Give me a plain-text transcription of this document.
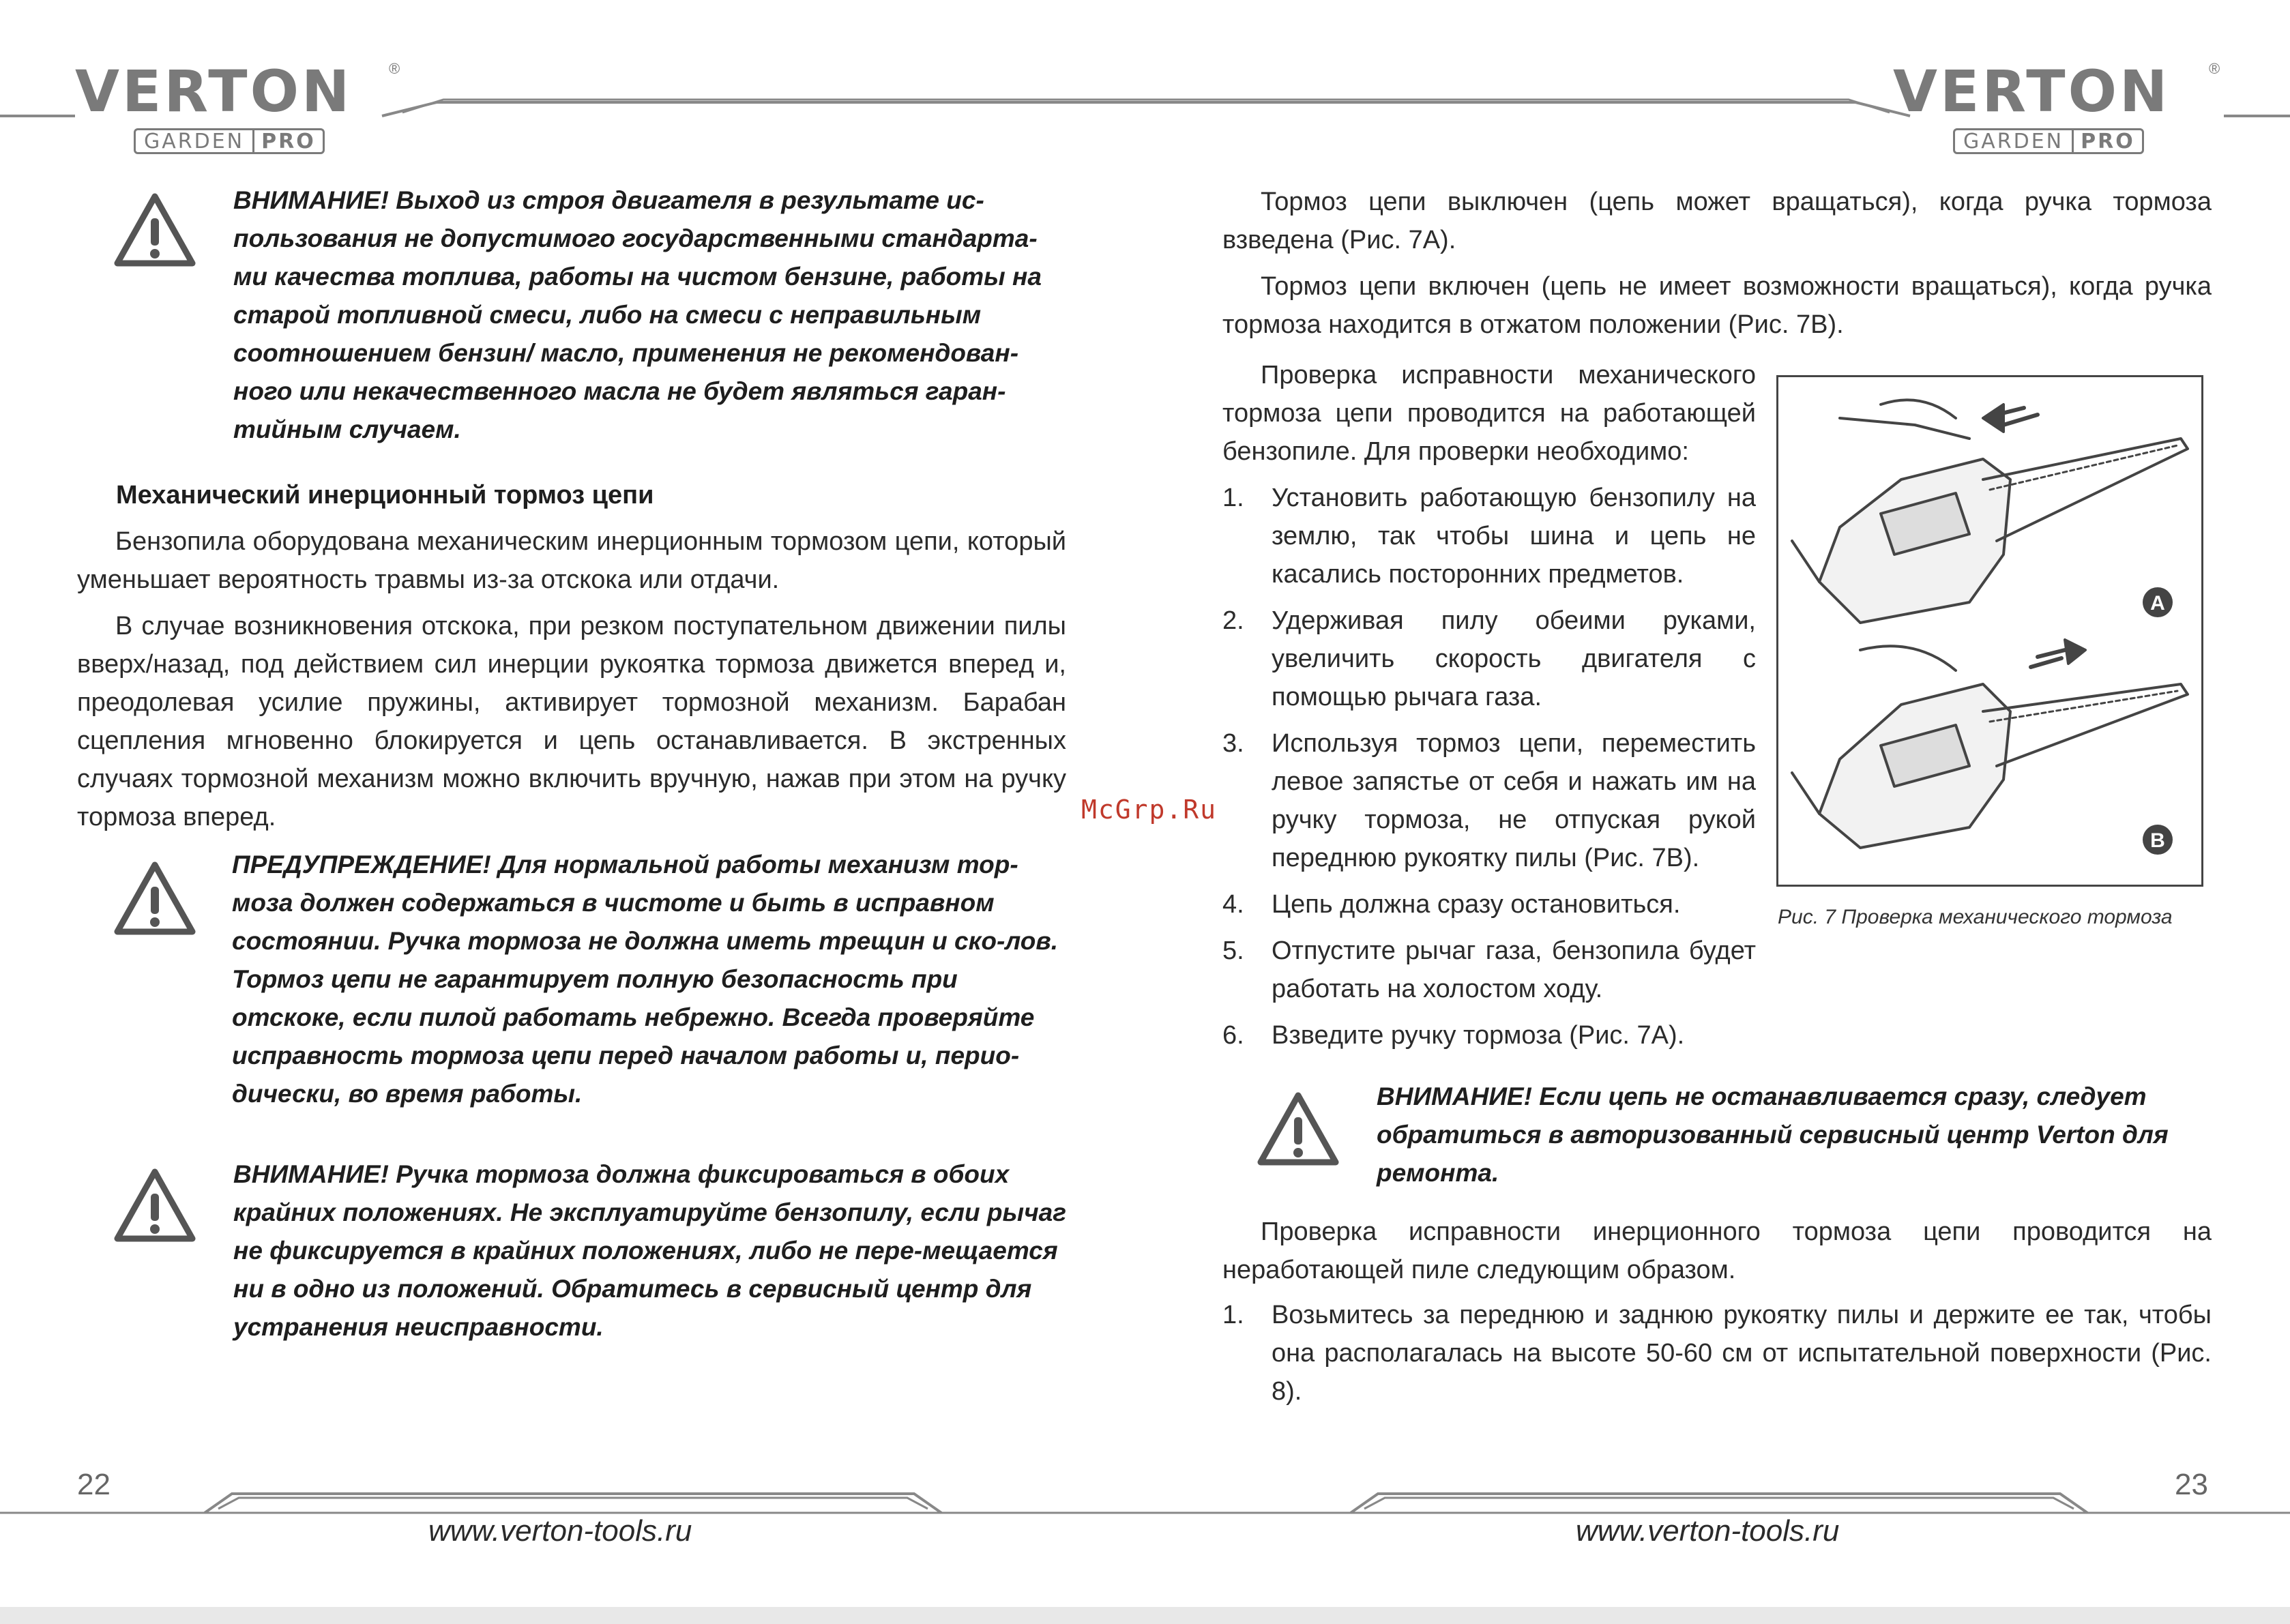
VERTON ®
GARDEN PRO
VERTON	®
GARDEN PRO
ВНИМАНИЕ! Выход из строя двигателя в результате ис-пользования не допустимого государственными стандарта-ми качества топлива, работы на чистом бензине, работы на старой топливной смеси, либо на смеси с неправильным соотношением бензин/ масло, применения не рекомендован-ного или некачественного масла не будет являться гаран-тийным случаем.
Механический инерционный тормоз цепи

Бензопила оборудована механическим инерционным тормозом цепи, который уменьшает вероятность травмы из-за отскока или отдачи.

В случае возникновения отскока, при резком поступательном движении пилы вверх/назад, под действием сил инерции рукоятка тормоза движется вперед и, преодолевая усилие пружины, активирует тормозной механизм. Барабан сцепления мгновенно блокируется и цепь останавливается. В экстренных случаях тормозной механизм можно включить вручную, нажав при этом на ручку тормоза вперед.

ПРЕДУПРЕЖДЕНИЕ! Для нормальной работы механизм тор-моза должен содержаться в чистоте и быть в исправном состоянии. Ручка тормоза не должна иметь трещин и ско-лов. Тормоз цепи не гарантирует полную безопасность при отскоке, если пилой работать небрежно. Всегда проверяйте исправность тормоза цепи перед началом работы и, перио-дически, во время работы.
ВНИМАНИЕ! Ручка тормоза должна фиксироваться в обоих крайних положениях. Не эксплуатируйте бензопилу, если рычаг не фиксируется в крайних положениях, либо не пере-мещается ни в одно из положений. Обратитесь в сервисный центр для устранения неисправности.
22
www.verton-tools.ru
McGrp.Ru

Тормоз цепи выключен (цепь может вращаться), когда ручка тормоза взведена (Рис. 7А).

Тормоз цепи включен (цепь не имеет возможности вращаться), когда ручка тормоза находится в отжатом положении (Рис. 7В).

Проверка исправности механического тормоза цепи проводится на работающей бензопиле. Для проверки необходимо:

1.	Установить работающую бензопилу на землю, так чтобы шина и цепь не касались посторонних предметов.
2.	Удерживая пилу обеими руками, увеличить скорость двигателя с помощью рычага газа.
3.	Используя тормоз цепи, переместить левое запястье от себя и нажать им на ручку тормоза, не отпуская рукой переднюю рукоятку пилы (Рис. 7В).
4.	Цепь должна сразу остановиться.
5.	Отпустите рычаг газа, бензопила будет работать на холостом ходу.
6.	Взведите ручку тормоза (Рис. 7А).
A
B
Рис. 7 Проверка механического тормоза
ВНИМАНИЕ! Если цепь не останавливается сразу, следует обратиться в авторизованный сервисный центр Verton для ремонта.

Проверка исправности инерционного тормоза цепи проводится на неработающей пиле следующим образом.

1.	Возьмитесь за переднюю и заднюю рукоятку пилы и держите ее так, чтобы она располагалась на высоте 50-60 см от испытательной поверхности (Рис. 8).
23
www.verton-tools.ru
